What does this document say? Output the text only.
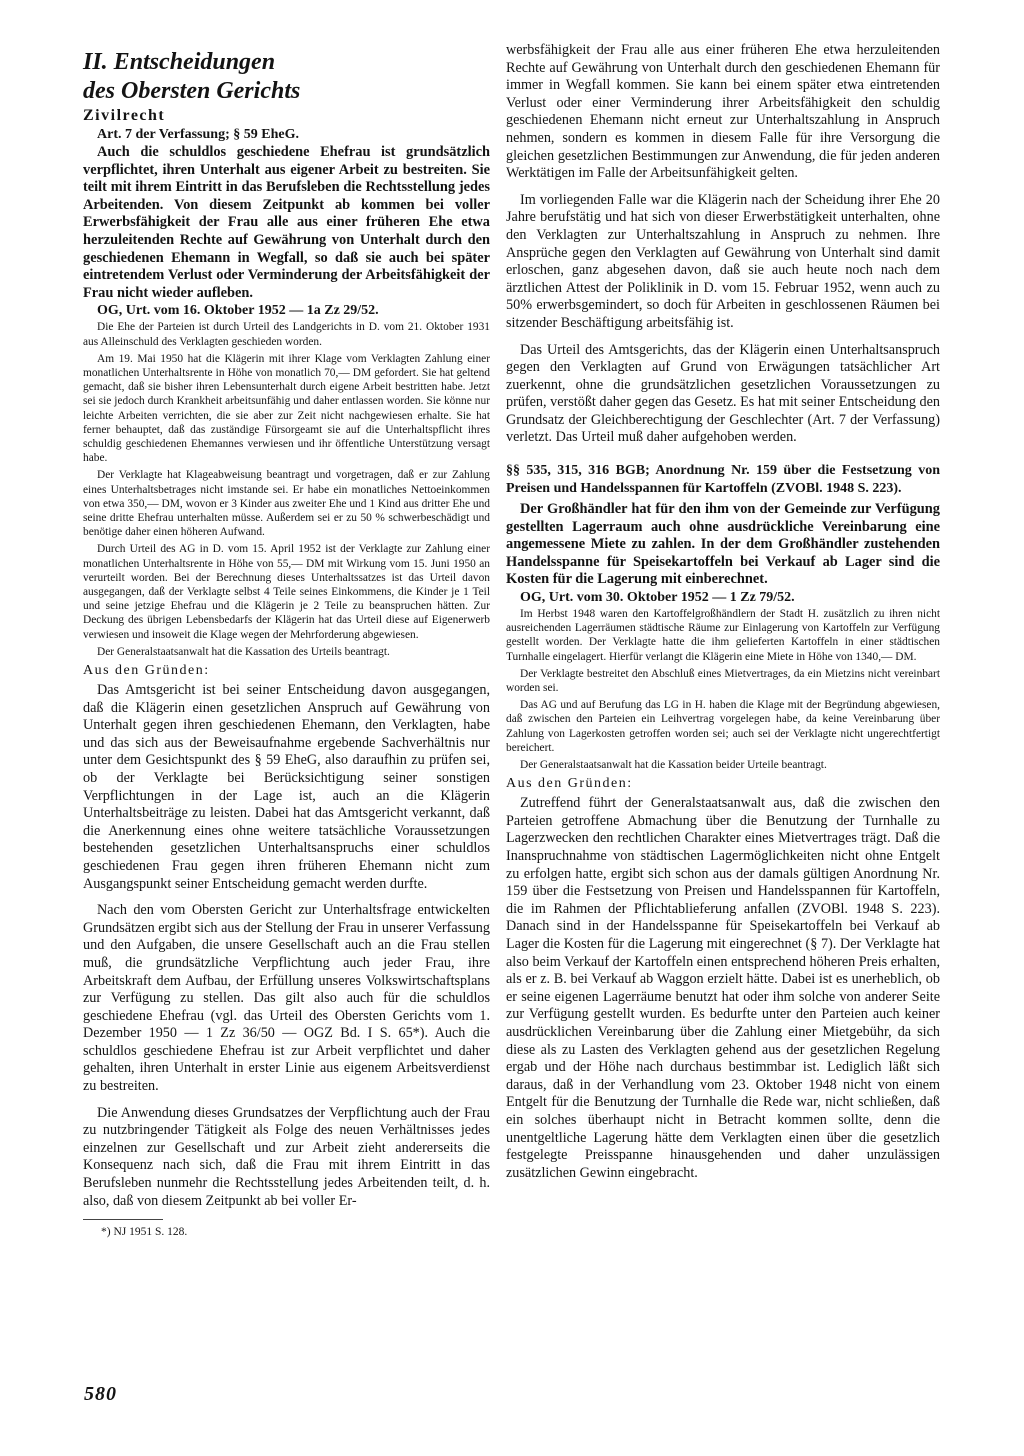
II. Entscheidungen

des Obersten Gerichts

Zivilrecht

Art. 7 der Verfassung; § 59 EheG.

Auch die schuldlos geschiedene Ehefrau ist grundsätzlich verpflichtet, ihren Unterhalt aus eigener Arbeit zu bestreiten. Sie teilt mit ihrem Eintritt in das Berufsleben die Rechtsstellung jedes Arbeitenden. Von diesem Zeitpunkt ab kommen bei voller Erwerbsfähigkeit der Frau alle aus einer früheren Ehe etwa herzuleitenden Rechte auf Gewährung von Unterhalt durch den geschiedenen Ehemann in Wegfall, so daß sie auch bei später eintretendem Verlust oder Verminderung der Arbeitsfähigkeit der Frau nicht wieder aufleben.

OG, Urt. vom 16. Oktober 1952 — 1a Zz 29/52.

Die Ehe der Parteien ist durch Urteil des Landgerichts in D. vom 21. Oktober 1931 aus Alleinschuld des Verklagten geschieden worden.

Am 19. Mai 1950 hat die Klägerin mit ihrer Klage vom Verklagten Zahlung einer monatlichen Unterhaltsrente in Höhe von monatlich 70,— DM gefordert. Sie hat geltend gemacht, daß sie bisher ihren Lebensunterhalt durch eigene Arbeit bestritten habe. Jetzt sei sie jedoch durch Krankheit arbeitsunfähig und daher entlassen worden. Sie könne nur leichte Arbeiten verrichten, die sie aber zur Zeit nicht nachgewiesen erhalte. Sie hat ferner behauptet, daß das zuständige Fürsorgeamt sie auf die Unterhaltspflicht ihres schuldig geschiedenen Ehemannes verwiesen und ihr öffentliche Unterstützung versagt habe.

Der Verklagte hat Klageabweisung beantragt und vorgetragen, daß er zur Zahlung eines Unterhaltsbetrages nicht imstande sei. Er habe ein monatliches Nettoeinkommen von etwa 350,— DM, wovon er 3 Kinder aus zweiter Ehe und 1 Kind aus dritter Ehe und seine dritte Ehefrau unterhalten müsse. Außerdem sei er zu 50 % schwerbeschädigt und benötige daher einen höheren Aufwand.

Durch Urteil des AG in D. vom 15. April 1952 ist der Verklagte zur Zahlung einer monatlichen Unterhaltsrente in Höhe von 55,— DM mit Wirkung vom 15. Juni 1950 an verurteilt worden. Bei der Berechnung dieses Unterhaltssatzes ist das Urteil davon ausgegangen, daß der Verklagte selbst 4 Teile seines Einkommens, die Kinder je 1 Teil und seine jetzige Ehefrau und die Klägerin je 2 Teile zu beanspruchen hätten. Zur Deckung des übrigen Lebensbedarfs der Klägerin hat das Urteil diese auf Eigenerwerb verwiesen und insoweit die Klage wegen der Mehrforderung abgewiesen.

Der Generalstaatsanwalt hat die Kassation des Urteils beantragt.

Aus den Gründen:

Das Amtsgericht ist bei seiner Entscheidung davon ausgegangen, daß die Klägerin einen gesetzlichen Anspruch auf Gewährung von Unterhalt gegen ihren geschiedenen Ehemann, den Verklagten, habe und das sich aus der Beweisaufnahme ergebende Sachverhältnis nur unter dem Gesichtspunkt des § 59 EheG, also daraufhin zu prüfen sei, ob der Verklagte bei Berücksichtigung seiner sonstigen Verpflichtungen in der Lage ist, auch an die Klägerin Unterhaltsbeiträge zu leisten. Dabei hat das Amtsgericht verkannt, daß die Anerkennung eines ohne weitere tatsächliche Voraussetzungen bestehenden gesetzlichen Unterhaltsanspruchs einer schuldlos geschiedenen Frau gegen ihren früheren Ehemann nicht zum Ausgangspunkt seiner Entscheidung gemacht werden durfte.

Nach den vom Obersten Gericht zur Unterhaltsfrage entwickelten Grundsätzen ergibt sich aus der Stellung der Frau in unserer Verfassung und den Aufgaben, die unsere Gesellschaft auch an die Frau stellen muß, die grundsätzliche Verpflichtung auch jeder Frau, ihre Arbeitskraft dem Aufbau, der Erfüllung unseres Volkswirtschaftsplans zur Verfügung zu stellen. Das gilt also auch für die schuldlos geschiedene Ehefrau (vgl. das Urteil des Obersten Gerichts vom 1. Dezember 1950 — 1 Zz 36/50 — OGZ Bd. I S. 65*). Auch die schuldlos geschiedene Ehefrau ist zur Arbeit verpflichtet und daher gehalten, ihren Unterhalt in erster Linie aus eigenem Arbeitsverdienst zu bestreiten.

Die Anwendung dieses Grundsatzes der Verpflichtung auch der Frau zu nutzbringender Tätigkeit als Folge des neuen Verhältnisses jedes einzelnen zur Gesellschaft und zur Arbeit zieht andererseits die Konsequenz nach sich, daß die Frau mit ihrem Eintritt in das Berufsleben nunmehr die Rechtsstellung jedes Arbeitenden teilt, d. h. also, daß von diesem Zeitpunkt ab bei voller Er-

*) NJ 1951 S. 128.

werbsfähigkeit der Frau alle aus einer früheren Ehe etwa herzuleitenden Rechte auf Gewährung von Unterhalt durch den geschiedenen Ehemann für immer in Wegfall kommen. Sie kann bei einem später etwa eintretenden Verlust oder einer Verminderung ihrer Arbeitsfähigkeit den schuldig geschiedenen Ehemann nicht erneut zur Unterhaltszahlung in Anspruch nehmen, sondern es kommen in diesem Falle für ihre Versorgung die gleichen gesetzlichen Bestimmungen zur Anwendung, die für jeden anderen Werktätigen im Falle der Arbeitsunfähigkeit gelten.

Im vorliegenden Falle war die Klägerin nach der Scheidung ihrer Ehe 20 Jahre berufstätig und hat sich von dieser Erwerbstätigkeit unterhalten, ohne den Verklagten zur Unterhaltszahlung in Anspruch zu nehmen. Ihre Ansprüche gegen den Verklagten auf Gewährung von Unterhalt sind damit erloschen, ganz abgesehen davon, daß sie auch heute noch nach dem ärztlichen Attest der Poliklinik in D. vom 15. Februar 1952, wenn auch zu 50% erwerbsgemindert, so doch für Arbeiten in geschlossenen Räumen bei sitzender Beschäftigung arbeitsfähig ist.

Das Urteil des Amtsgerichts, das der Klägerin einen Unterhaltsanspruch gegen den Verklagten auf Grund von Erwägungen tatsächlicher Art zuerkennt, ohne die grundsätzlichen gesetzlichen Voraussetzungen zu prüfen, verstößt daher gegen das Gesetz. Es hat mit seiner Entscheidung den Grundsatz der Gleichberechtigung der Geschlechter (Art. 7 der Verfassung) verletzt. Das Urteil muß daher aufgehoben werden.

§§ 535, 315, 316 BGB; Anordnung Nr. 159 über die Festsetzung von Preisen und Handelsspannen für Kartoffeln (ZVOBl. 1948 S. 223).

Der Großhändler hat für den ihm von der Gemeinde zur Verfügung gestellten Lagerraum auch ohne ausdrückliche Vereinbarung eine angemessene Miete zu zahlen. In der dem Großhändler zustehenden Handelsspanne für Speisekartoffeln bei Verkauf ab Lager sind die Kosten für die Lagerung mit einberechnet.

OG, Urt. vom 30. Oktober 1952 — 1 Zz 79/52.

Im Herbst 1948 waren den Kartoffelgroßhändlern der Stadt H. zusätzlich zu ihren nicht ausreichenden Lagerräumen städtische Räume zur Einlagerung von Kartoffeln zur Verfügung gestellt worden. Der Verklagte hatte die ihm gelieferten Kartoffeln in einer städtischen Turnhalle eingelagert. Hierfür verlangt die Klägerin eine Miete in Höhe von 1340,— DM.

Der Verklagte bestreitet den Abschluß eines Mietvertrages, da ein Mietzins nicht vereinbart worden sei.

Das AG und auf Berufung das LG in H. haben die Klage mit der Begründung abgewiesen, daß zwischen den Parteien ein Leihvertrag vorgelegen habe, da keine Vereinbarung über Zahlung von Lagerkosten getroffen worden sei; auch sei der Verklagte nicht ungerechtfertigt bereichert.

Der Generalstaatsanwalt hat die Kassation beider Urteile beantragt.

Aus den Gründen:

Zutreffend führt der Generalstaatsanwalt aus, daß die zwischen den Parteien getroffene Abmachung über die Benutzung der Turnhalle zu Lagerzwecken den rechtlichen Charakter eines Mietvertrages trägt. Daß die Inanspruchnahme von städtischen Lagermöglichkeiten nicht ohne Entgelt zu erfolgen hatte, ergibt sich schon aus der damals gültigen Anordnung Nr. 159 über die Festsetzung von Preisen und Handelsspannen für Kartoffeln, die im Rahmen der Pflichtablieferung anfallen (ZVOBl. 1948 S. 223). Danach sind in der Handelsspanne für Speisekartoffeln bei Verkauf ab Lager die Kosten für die Lagerung mit eingerechnet (§ 7). Der Verklagte hat also beim Verkauf der Kartoffeln einen entsprechend höheren Preis erhalten, als er z. B. bei Verkauf ab Waggon erzielt hätte. Dabei ist es unerheblich, ob er seine eigenen Lagerräume benutzt hat oder ihm solche von anderer Seite zur Verfügung gestellt wurden. Es bedurfte unter den Parteien auch keiner ausdrücklichen Vereinbarung über die Zahlung einer Mietgebühr, da sich diese als zu Lasten des Verklagten gehend aus der gesetzlichen Regelung ergab und der Höhe nach durchaus bestimmbar ist. Lediglich läßt sich daraus, daß in der Verhandlung vom 23. Oktober 1948 nicht von einem Entgelt für die Benutzung der Turnhalle die Rede war, nicht schließen, daß ein solches überhaupt nicht in Betracht kommen sollte, denn die unentgeltliche Lagerung hätte dem Verklagten einen über die gesetzlich festgelegte Preisspanne hinausgehenden und daher unzulässigen zusätzlichen Gewinn eingebracht.

580
